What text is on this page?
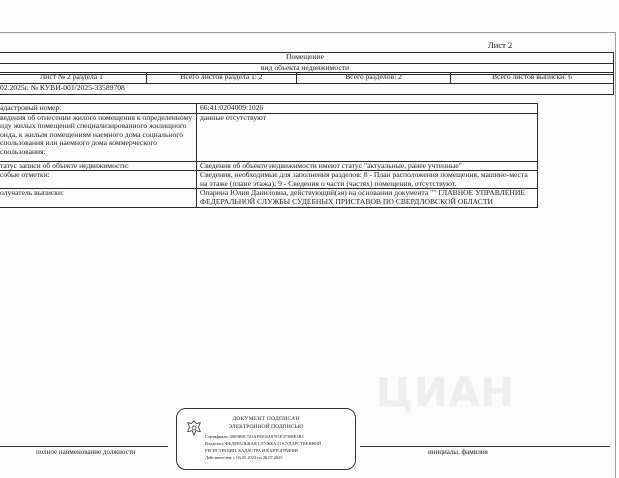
Лист 2
Помещение
вид объекта недвижимости
Лист № 2 раздела 1	Всего листов раздела 1: 2	Всего разделов: 2	Всего листов выписки: 6
02.2025г. № КУВИ-001/2025-33589708
адастровый номер:	66:41:0204009:1026
ведения об отнесении жилого помещения к определенному иду жилых помещений специализированного жилищного онда, к жилым помещениям наемного дома социального спользования или наемного дома коммерческого спользования:	данные отсутствуют
татус записи об объекте недвижимости:	Сведения об объекте недвижимости имеют статус "актуальные, ранее учтенные"
собые отметки:	Сведения, необходимые для заполнения разделов: 8 - План расположения помещения, машино-места на этаже (плане этажа); 9 - Сведения о части (частях) помещения, отсутствуют.
олучатель выписки:	Опарина Юлия Даниловна, действующий(ая) на основании документа "" ГЛАВНОЕ УПРАВЛЕНИЕ ФЕДЕРАЛЬНОЙ СЛУЖБЫ СУДЕБНЫХ ПРИСТАВОВ ПО СВЕРДЛОВСКОЙ ОБЛАСТИ
ЦИАН
полное наименование должности	инициалы, фамилия
ДОКУМЕНТ ПОДПИСАН
ЭЛЕКТРОННОЙ ПОДПИСЬЮ
Сертификат: 00F0B0C741AF0204A97F1E37388E3B3
Владелец: ФЕДЕРАЛЬНАЯ СЛУЖБА ГОСУДАРСТВЕННОЙ
РЕГИСТРАЦИИ, КАДАСТРА И КАРТОГРАФИИ
Действителен: с 03.05.2024 по 26.07.2025
